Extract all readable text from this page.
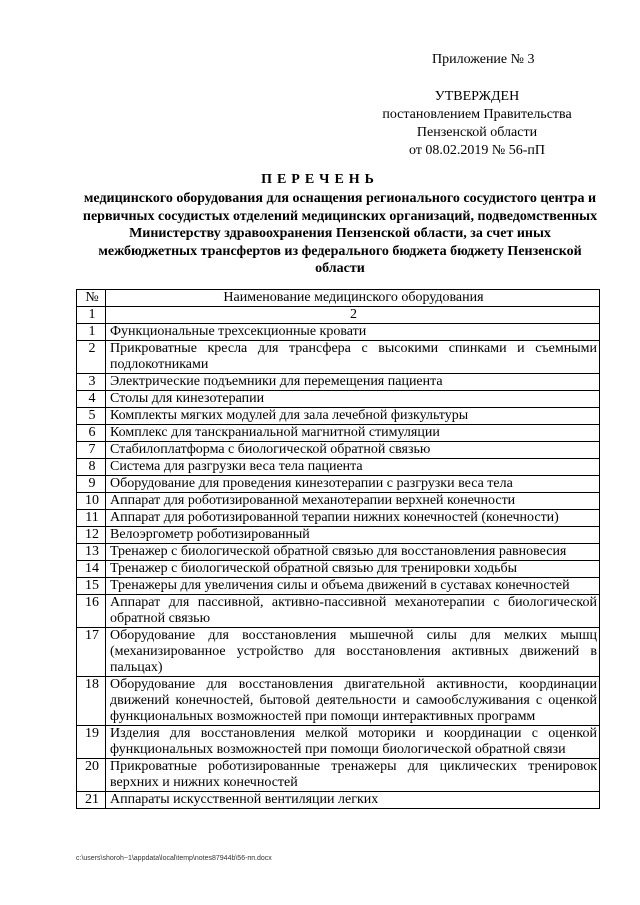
Приложение № 3
УТВЕРЖДЕН
постановлением Правительства
Пензенской области
от 08.02.2019 № 56-пП
ПЕРЕЧЕНЬ
медицинского оборудования для оснащения регионального сосудистого центра и первичных сосудистых отделений медицинских организаций, подведомственных Министерству здравоохранения Пензенской области, за счет иных межбюджетных трансфертов из федерального бюджета бюджету Пензенской области
№	Наименование медицинского оборудования
1	2
1	Функциональные трехсекционные кровати
2	Прикроватные кресла для трансфера с высокими спинками и съемными подлокотниками
3	Электрические подъемники для перемещения пациента
4	Столы для кинезотерапии
5	Комплекты мягких модулей для зала лечебной физкультуры
6	Комплекс для танскраниальной магнитной стимуляции
7	Стабилоплатформа с биологической обратной связью
8	Система для разгрузки веса тела пациента
9	Оборудование для проведения кинезотерапии с разгрузки веса тела
10	Аппарат для роботизированной механотерапии верхней конечности
11	Аппарат для роботизированной терапии нижних конечностей (конечности)
12	Велоэргометр роботизированный
13	Тренажер с биологической обратной связью для восстановления равновесия
14	Тренажер с биологической обратной связью для тренировки ходьбы
15	Тренажеры для увеличения силы и объема движений в суставах конечностей
16	Аппарат для пассивной, активно-пассивной механотерапии с биологической обратной связью
17	Оборудование для восстановления мышечной силы для мелких мышц (механизированное устройство для восстановления активных движений в пальцах)
18	Оборудование для восстановления двигательной активности, координации движений конечностей, бытовой деятельности и самообслуживания с оценкой функциональных возможностей при помощи интерактивных программ
19	Изделия для восстановления мелкой моторики и координации с оценкой функциональных возможностей при помощи биологической обратной связи
20	Прикроватные роботизированные тренажеры для циклических тренировок верхних и нижних конечностей
21	Аппараты искусственной вентиляции легких
c:\users\shoroh~1\appdata\local\temp\notes87944b\56-пп.docx
